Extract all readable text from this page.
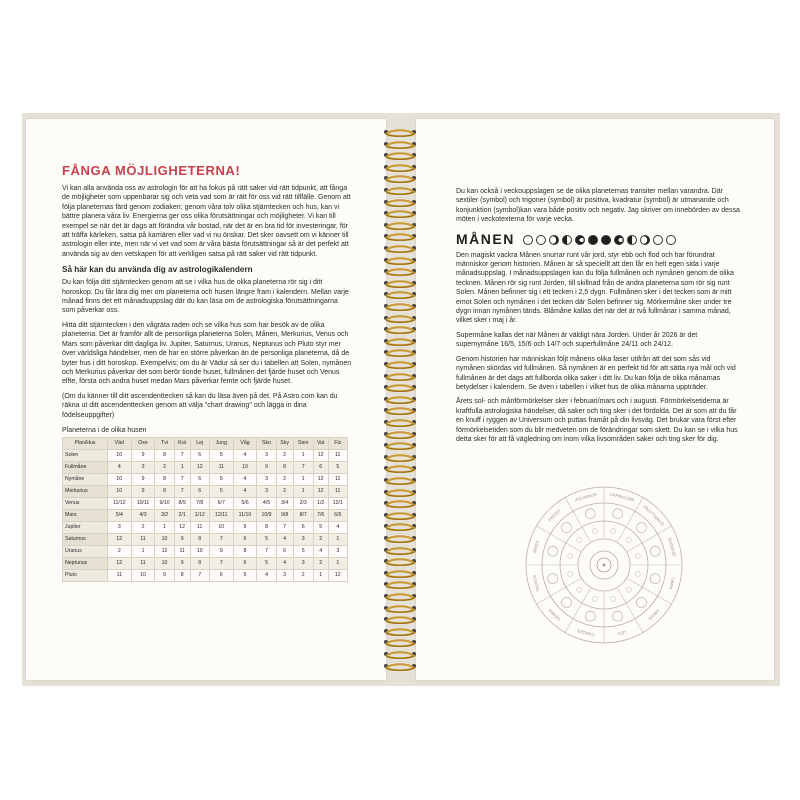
FÅNGA MÖJLIGHETERNA!

Vi kan alla använda oss av astrologin för att ha fokus på rätt saker vid rätt tidpunkt, att fånga de möjligheter som uppenbarar sig och veta vad som är rätt för oss vid rätt tillfälle. Genom att följa planeternas färd genom zodiaken; genom våra tolv olika stjärntecken och hus, kan vi bättre planera våra liv. Energierna ger oss olika förutsättningar och möjligheter. Vi kan till exempel se när det är dags att förändra vår bostad, när det är en bra tid för investeringar, för att träffa kärleken, satsa på karriären eller vad vi nu önskar. Det sker oavsett om vi känner till astrologin eller inte, men när vi vet vad som är våra bästa förutsättningar så är det perfekt att använda sig av den vetskapen för att verkligen satsa på rätt saker vid rätt tidpunkt.

Så här kan du använda dig av astrologikalendern

Du kan följa ditt stjärntecken genom att se i vilka hus de olika planeterna rör sig i ditt horoskop. Du får lära dig mer om planeterna och husen längre fram i kalendern. Mellan varje månad finns det ett månadsuppslag där du kan läsa om de astrologiska förutsättningarna som påverkar oss.

Hitta ditt stjärntecken i den vågräta raden och se vilka hus som har besök av de olika planeterna. Det är framför allt de personliga planeterna Solen, Månen, Merkurius, Venus och Mars som påverkar ditt dagliga liv. Jupiter, Saturnus, Uranus, Neptunus och Pluto styr mer över världsliga händelser, men de har en större påverkan än de personliga planeterna, då de byter hus i ditt horoskop. Exempelvis; om du är Vädur så ser du i tabellen att Solen, nymånen och Merkurius påverkar det som berör tionde huset, fullmånen det fjärde huset och Venus elfte, första och andra huset medan Mars påverkar femte och fjärde huset.

(Om du känner till ditt ascendenttecken så kan du läsa även på det. På Astro.com kan du räkna ut ditt ascendenttecken genom att välja "chart drawing" och lägga in dina födelseuppgifter)

Planeterna i de olika husen
Plan/Hus	Väd	Oxe	Tvi	Krä	Lej	Jung	Våg	Sko	Sky	Sten	Vat	Fis
Solen	10	9	8	7	6	5	4	3	2	1	12	11
Fullmåne	4	3	2	1	12	11	10	9	8	7	6	5
Nymåne	10	9	8	7	6	5	4	3	2	1	12	11
Merkurius	10	9	8	7	6	5	4	3	2	1	12	11
Venus	11/12	10/11	9/10	8/9	7/8	6/7	5/6	4/5	3/4	2/3	1/2	12/1
Mars	5/4	4/3	3/2	2/1	1/12	12/11	11/10	10/9	9/8	8/7	7/6	6/5
Jupiter	3	2	1	12	11	10	9	8	7	6	5	4
Saturnus	12	11	10	9	8	7	6	5	4	3	2	1
Uranus	2	1	12	11	10	9	8	7	6	5	4	3
Neptunus	12	11	10	9	8	7	6	5	4	3	2	1
Pluto	11	10	9	8	7	6	5	4	3	2	1	12

Du kan också i veckouppslagen se de olika planeternas transiter mellan varandra. Där sextiler (symbol) och trigoner (symbol) är positiva, kvadratur (symbol) är utmanande och konjunktion (symbol)kan vara både positiv och negativ. Jag skriver om innebörden av dessa möten i veckotexterna för varje vecka.

MÅNEN

Den magiskt vackra Månen snurrar runt vår jord, styr ebb och flod och har förundrat människor genom historien. Månen är så speciellt att den får en helt egen sida i varje månadsuppslag. I månadsuppslagen kan du följa fullmånen och nymånen genom de olika tecknen. Månen rör sig runt Jorden, till skillnad från de andra planeterna som rör sig runt Solen. Månen befinner sig i ett tecken i 2,5 dygn. Fullmånen sker i det tecken som är mitt emot Solen och nymånen i det tecken där Solen befinner sig. Mörkermåne sker under tre dygn innan nymånen tänds. Blåmåne kallas det när det är två fullmånar i samma månad, vilket sker i maj i år.

Supermåne kallas det när Månen är väldigt nära Jorden. Under år 2026 är det supernymåne 16/5, 15/6 och 14/7 och superfullmåne 24/11 och 24/12.

Genom historien har människan följt månens olika faser utifrån att det som sås vid nymånen skördas vid fullmånen. Så nymånen är en perfekt tid för att sätta nya mål och vid fullmånen är det dags att fullborda olika saker i ditt liv. Du kan följa de olika månarnas betydelser i kalendern. Se även i tabellen i vilket hus de olika månarna uppträder.

Årets sol- och månförmörkelser sker i februari/mars och i augusti. Förmörkelsetiderna är kraftfulla astrologiska händelser, då saker och ting sker i det fördolda. Det är som att du får en knuff i ryggen av Universum och puttas framåt på din livsväg. Det brukar vara först efter förmörkelsetiden som du blir medveten om de förändringar som skett. Du kan se i vilka hus detta sker för att få vägledning om inom vilka livsområden saker och ting sker för dig.

CAPRICORN
SAGITTARIUS
SCORPIO
LIBRA
VIRGO
LEO
CANCER
GEMINI
TAURUS
ARIES
PISCES
AQUARIUS
